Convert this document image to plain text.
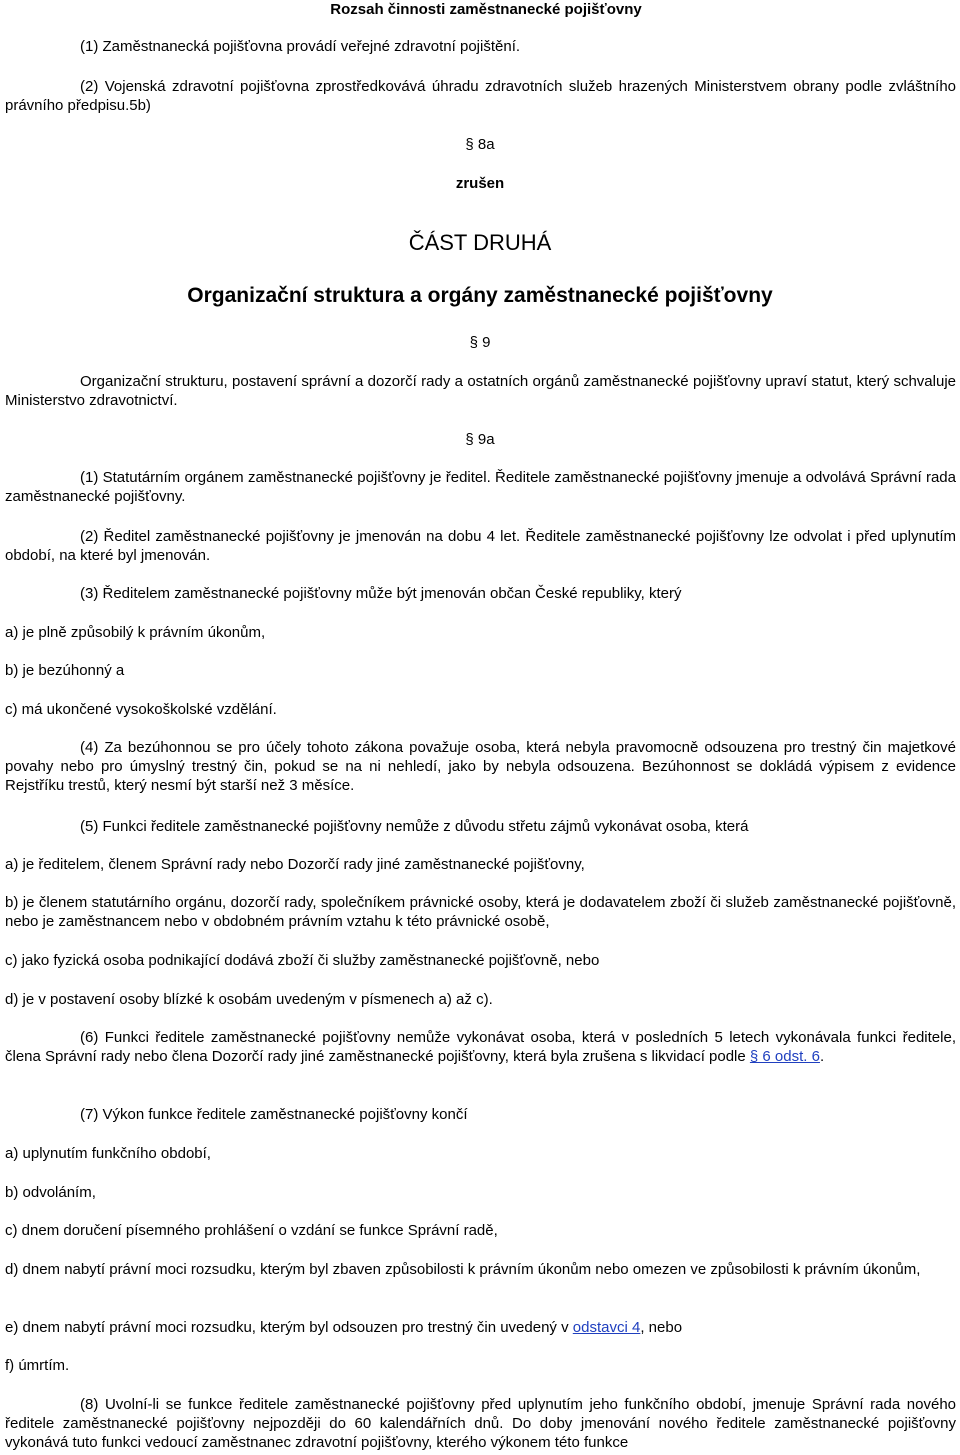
Rozsah činnosti zaměstnanecké pojišťovny

(1) Zaměstnanecká pojišťovna provádí veřejné zdravotní pojištění.

(2) Vojenská zdravotní pojišťovna zprostředkovává úhradu zdravotních služeb hrazených Ministerstvem obrany podle zvláštního právního předpisu.5b)

§ 8a

zrušen

ČÁST DRUHÁ

Organizační struktura a orgány zaměstnanecké pojišťovny

§ 9

Organizační strukturu, postavení správní a dozorčí rady a ostatních orgánů zaměstnanecké pojišťovny upraví statut, který schvaluje Ministerstvo zdravotnictví.

§ 9a

(1) Statutárním orgánem zaměstnanecké pojišťovny je ředitel. Ředitele zaměstnanecké pojišťovny jmenuje a odvolává Správní rada zaměstnanecké pojišťovny.

(2) Ředitel zaměstnanecké pojišťovny je jmenován na dobu 4 let. Ředitele zaměstnanecké pojišťovny lze odvolat i před uplynutím období, na které byl jmenován.

(3) Ředitelem zaměstnanecké pojišťovny může být jmenován občan České republiky, který

a) je plně způsobilý k právním úkonům,

b) je bezúhonný a

c) má ukončené vysokoškolské vzdělání.

(4) Za bezúhonnou se pro účely tohoto zákona považuje osoba, která nebyla pravomocně odsouzena pro trestný čin majetkové povahy nebo pro úmyslný trestný čin, pokud se na ni nehledí, jako by nebyla odsouzena. Bezúhonnost se dokládá výpisem z evidence Rejstříku trestů, který nesmí být starší než 3 měsíce.

(5) Funkci ředitele zaměstnanecké pojišťovny nemůže z důvodu střetu zájmů vykonávat osoba, která

a) je ředitelem, členem Správní rady nebo Dozorčí rady jiné zaměstnanecké pojišťovny,

b) je členem statutárního orgánu, dozorčí rady, společníkem právnické osoby, která je dodavatelem zboží či služeb zaměstnanecké pojišťovně, nebo je zaměstnancem nebo v obdobném právním vztahu k této právnické osobě,

c) jako fyzická osoba podnikající dodává zboží či služby zaměstnanecké pojišťovně, nebo

d) je v postavení osoby blízké k osobám uvedeným v písmenech a) až c).

(6) Funkci ředitele zaměstnanecké pojišťovny nemůže vykonávat osoba, která v posledních 5 letech vykonávala funkci ředitele, člena Správní rady nebo člena Dozorčí rady jiné zaměstnanecké pojišťovny, která byla zrušena s likvidací podle § 6 odst. 6.

(7) Výkon funkce ředitele zaměstnanecké pojišťovny končí

a) uplynutím funkčního období,

b) odvoláním,

c) dnem doručení písemného prohlášení o vzdání se funkce Správní radě,

d) dnem nabytí právní moci rozsudku, kterým byl zbaven způsobilosti k právním úkonům nebo omezen ve způsobilosti k právním úkonům,

e) dnem nabytí právní moci rozsudku, kterým byl odsouzen pro trestný čin uvedený v odstavci 4, nebo

f) úmrtím.

(8) Uvolní-li se funkce ředitele zaměstnanecké pojišťovny před uplynutím jeho funkčního období, jmenuje Správní rada nového ředitele zaměstnanecké pojišťovny nejpozději do 60 kalendářních dnů. Do doby jmenování nového ředitele zaměstnanecké pojišťovny vykonává tuto funkci vedoucí zaměstnanec zdravotní pojišťovny, kterého výkonem této funkce
